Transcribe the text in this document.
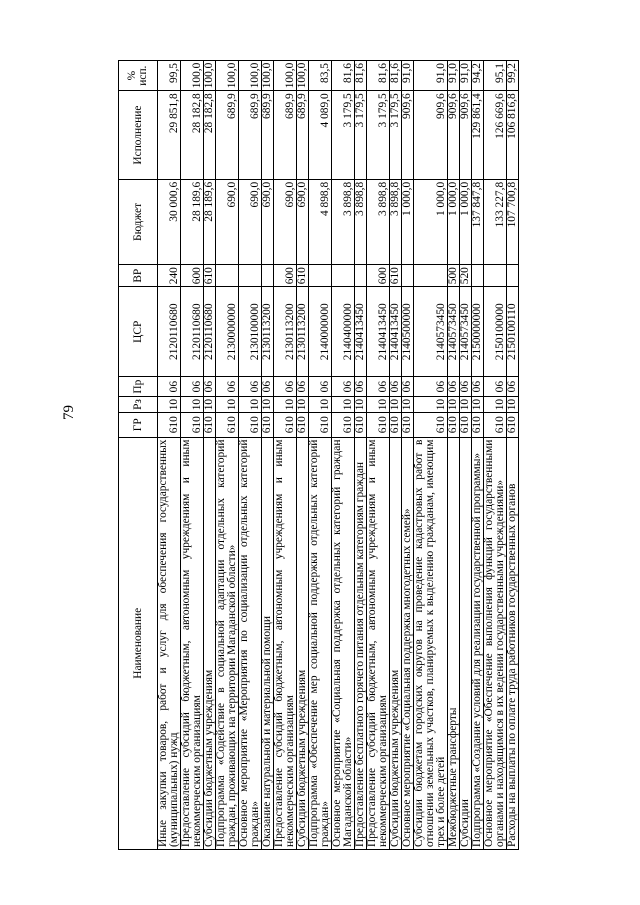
79
Наименование	ГР	Рз	Пр	ЦСР	ВР	Бюджет	Исполнение	% исп.
Иные закупки товаров, работ и услуг для обеспечения государственных (муниципальных) нужд	610	10	06	2120110680	240	30 000,6	29 851,8	99,5
Предоставление субсидий бюджетным, автономным учреждениям и иным некоммерческим организациям	610	10	06	2120110680	600	28 189,6	28 182,8	100,0
Субсидии бюджетным учреждениям	610	10	06	2120110680	610	28 189,6	28 182,8	100,0
Подпрограмма «Содействие в социальной адаптации отдельных категорий граждан, проживающих на территории Магаданской области»	610	10	06	2130000000		690,0	689,9	100,0
Основное мероприятие «Мероприятия по социализации отдельных категорий граждан»	610	10	06	2130100000		690,0	689,9	100,0
Оказание натуральной и материальной помощи	610	10	06	2130113200		690,0	689,9	100,0
Предоставление субсидий бюджетным, автономным учреждениям и иным некоммерческим организациям	610	10	06	2130113200	600	690,0	689,9	100,0
Субсидии бюджетным учреждениям	610	10	06	2130113200	610	690,0	689,9	100,0
Подпрограмма «Обеспечение мер социальной поддержки отдельных категорий граждан»	610	10	06	2140000000		4 898,8	4 089,0	83,5
Основное мероприятие «Социальная поддержка отдельных категорий граждан Магаданской области»	610	10	06	2140400000		3 898,8	3 179,5	81,6
Предоставление бесплатного горячего питания отдельным категориям граждан	610	10	06	2140413450		3 898,8	3 179,5	81,6
Предоставление субсидий бюджетным, автономным учреждениям и иным некоммерческим организациям	610	10	06	2140413450	600	3 898,8	3 179,5	81,6
Субсидии бюджетным учреждениям	610	10	06	2140413450	610	3 898,8	3 179,5	81,6
Основное мероприятие «Социальная поддержка многодетных семей»	610	10	06	2140500000		1 000,0	909,6	91,0
Субсидии бюджетам городских округов на проведение кадастровых работ в отношении земельных участков, планируемых к выделению гражданам, имеющим трех и более детей	610	10	06	2140573450		1 000,0	909,6	91,0
Межбюджетные трансферты	610	10	06	2140573450	500	1 000,0	909,6	91,0
Субсидии	610	10	06	2140573450	520	1 000,0	909,6	91,0
Подпрограмма «Создание условий для реализации государственной программы»	610	10	06	2150000000		137 847,8	129 861,4	94,2
Основное мероприятие «Обеспечение выполнения функций государственными органами и находящимися в их ведении государственными учреждениями»	610	10	06	2150100000		133 227,8	126 669,6	95,1
Расходы на выплаты по оплате труда работников государственных органов	610	10	06	2150100110		107 700,8	106 816,8	99,2
